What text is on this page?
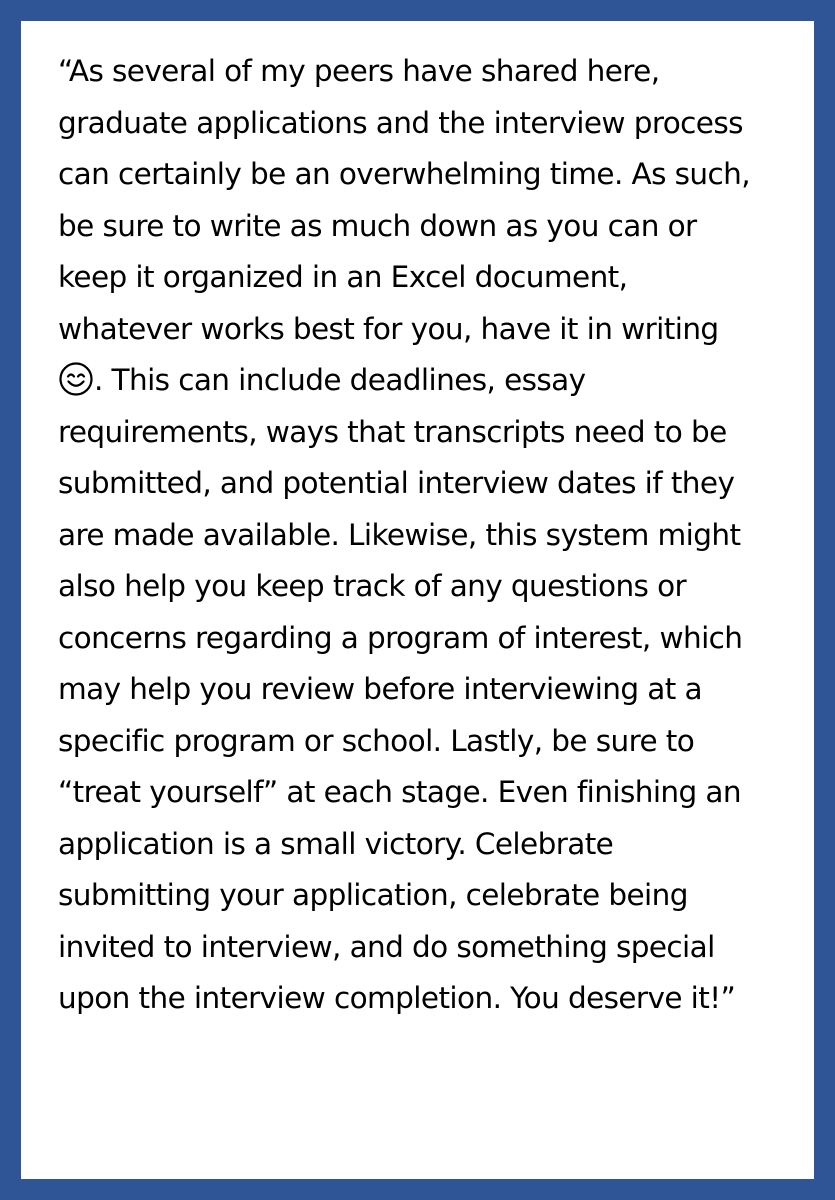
“As several of my peers have shared here,
graduate applications and the interview process
can certainly be an overwhelming time. As such,
be sure to write as much down as you can or
keep it organized in an Excel document,
whatever works best for you, have it in writing
. This can include deadlines, essay
requirements, ways that transcripts need to be
submitted, and potential interview dates if they
are made available. Likewise, this system might
also help you keep track of any questions or
concerns regarding a program of interest, which
may help you review before interviewing at a
specific program or school. Lastly, be sure to
“treat yourself” at each stage. Even finishing an
application is a small victory. Celebrate
submitting your application, celebrate being
invited to interview, and do something special
upon the interview completion. You deserve it!”
